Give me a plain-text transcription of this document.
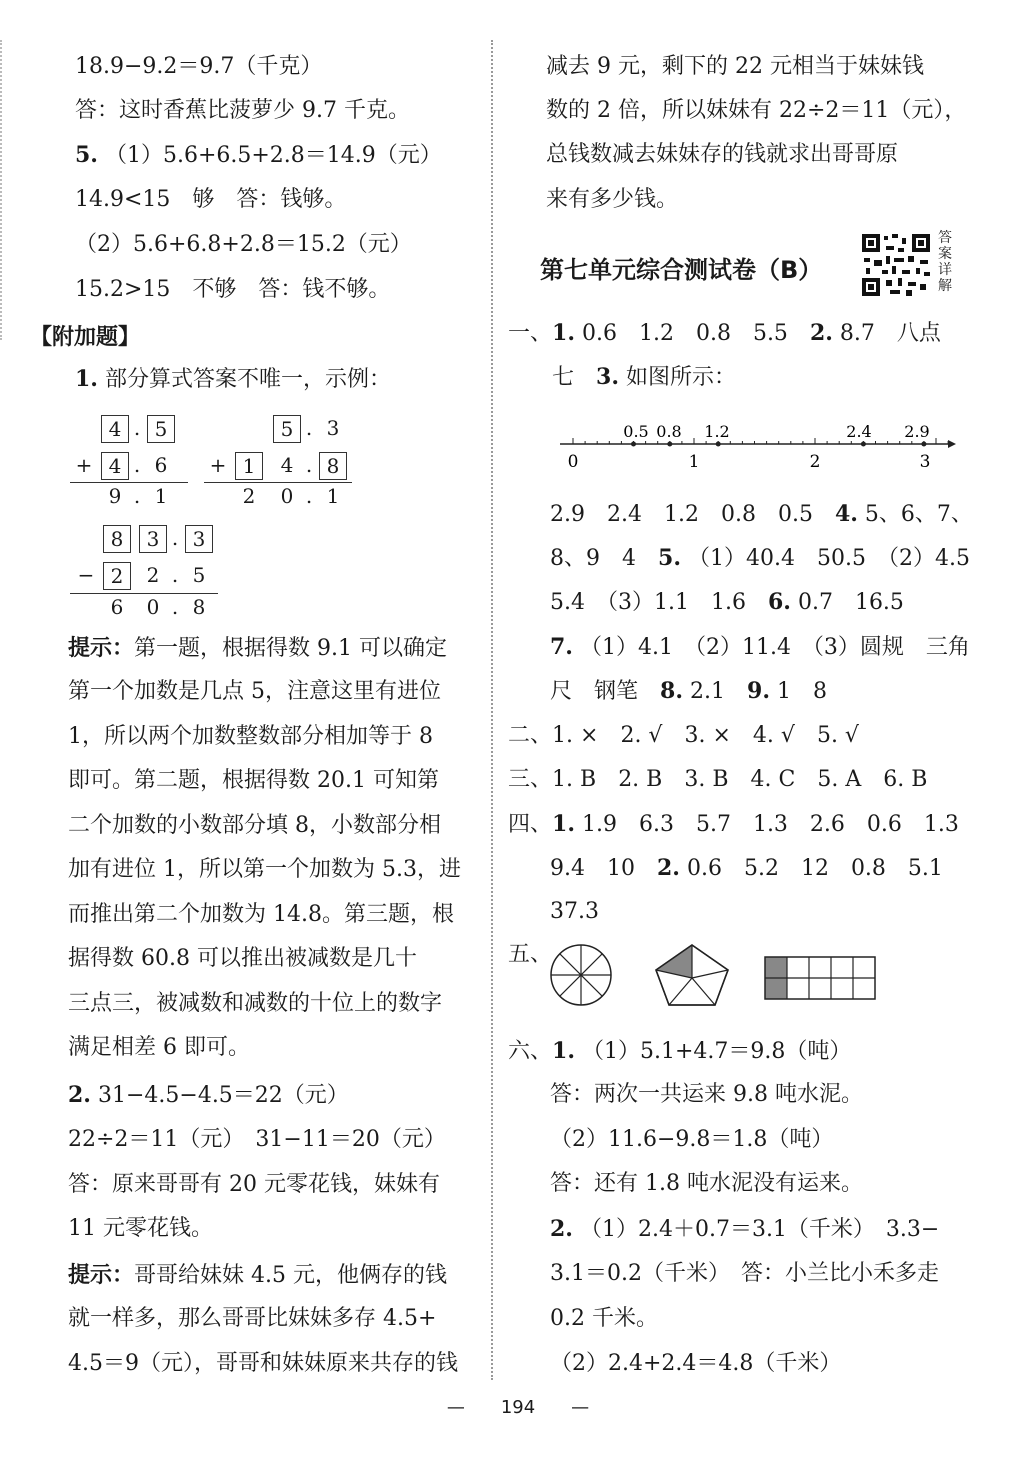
18.9−9.2＝9.7（千克）
答：这时香蕉比菠萝少 9.7 千克。
5. （1）5.6+6.5+2.8＝14.9（元）
14.9<15　够　答：钱够。
（2）5.6+6.8+2.8＝15.2（元）
15.2>15　不够　答：钱不够。
【附加题】
1. 部分算式答案不唯一，示例：
4 . 5
+ 4 . 6
9 . 1
5 . 3
+ 1	4 . 8
2	0 . 1
8	3 . 3
− 2	2 . 5
6	0 . 8
提示：第一题，根据得数 9.1 可以确定
第一个加数是几点 5，注意这里有进位
1，所以两个加数整数部分相加等于 8
即可。第二题，根据得数 20.1 可知第
二个加数的小数部分填 8，小数部分相
加有进位 1，所以第一个加数为 5.3，进
而推出第二个加数为 14.8。第三题，根
据得数 60.8 可以推出被减数是几十
三点三，被减数和减数的十位上的数字
满足相差 6 即可。
2. 31−4.5−4.5＝22（元）
22÷2＝11（元）　31−11＝20（元）
答：原来哥哥有 20 元零花钱，妹妹有
11 元零花钱。
提示：哥哥给妹妹 4.5 元，他俩存的钱
就一样多，那么哥哥比妹妹多存 4.5+
4.5＝9（元），哥哥和妹妹原来共存的钱
减去 9 元，剩下的 22 元相当于妹妹钱
数的 2 倍，所以妹妹有 22÷2＝11（元），
总钱数减去妹妹存的钱就求出哥哥原
来有多少钱。
第七单元综合测试卷（B）
答案详解
一、1. 0.6　1.2　0.8　5.5　 2. 8.7　八点
七　 3. 如图所示：
0	1	2	3
0.5 0.8 1.2	2.4 2.9
2.9　2.4　1.2　0.8　0.5　 4. 5、6、7、
8、9　4　 5. （1）40.4　50.5　（2）4.5
5.4　（3）1.1　1.6　 6. 0.7　16.5
7. （1）4.1　（2）11.4　（3）圆规　三角
尺　钢笔　 8. 2.1　 9. 1　8
二、1. ×　 2. √　 3. ×　 4. √　 5. √
三、1. B　 2. B　 3. B　 4. C　 5. A　 6. B
四、1. 1.9　6.3　5.7　1.3　2.6　0.6　1.3
9.4　10　 2. 0.6　5.2　12　0.8　5.1
37.3
五、
六、1. （1）5.1+4.7＝9.8（吨）
答：两次一共运来 9.8 吨水泥。
（2）11.6−9.8＝1.8（吨）
答：还有 1.8 吨水泥没有运来。
2. （1）2.4＋0.7＝3.1（千米）　3.3−
3.1＝0.2（千米）　答：小兰比小禾多走
0.2 千米。
（2）2.4+2.4＝4.8（千米）
—　　194　　—
